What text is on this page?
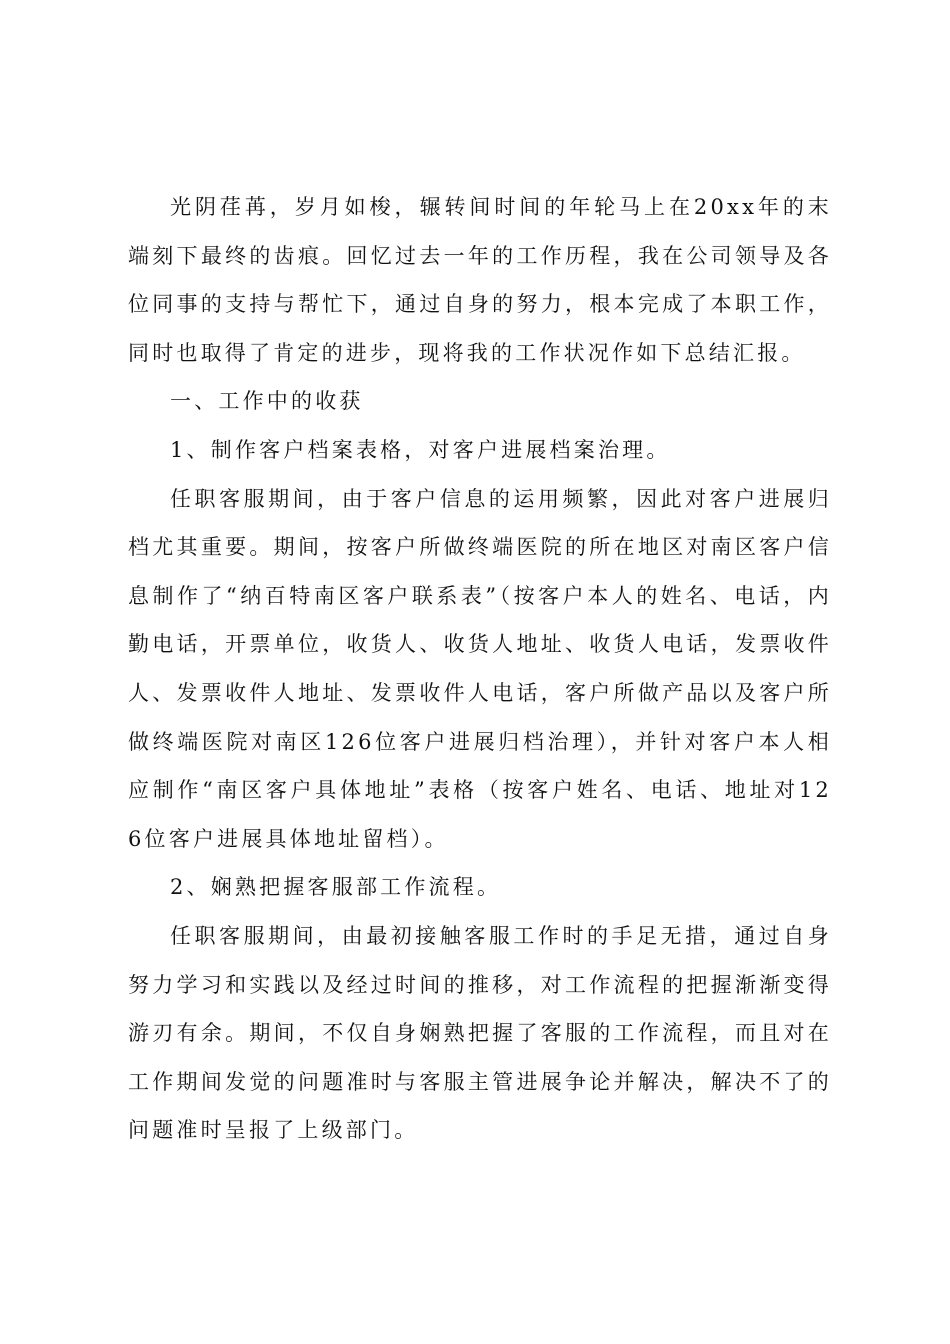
光阴荏苒，岁月如梭，辗转间时间的年轮马上在20xx年的末端刻下最终的齿痕。回忆过去一年的工作历程，我在公司领导及各位同事的支持与帮忙下，通过自身的努力，根本完成了本职工作，同时也取得了肯定的进步，现将我的工作状况作如下总结汇报。

一、工作中的收获

1、制作客户档案表格，对客户进展档案治理。

任职客服期间，由于客户信息的运用频繁，因此对客户进展归档尤其重要。期间，按客户所做终端医院的所在地区对南区客户信息制作了“纳百特南区客户联系表”（按客户本人的姓名、电话，内勤电话，开票单位，收货人、收货人地址、收货人电话，发票收件人、发票收件人地址、发票收件人电话，客户所做产品以及客户所做终端医院对南区126位客户进展归档治理），并针对客户本人相应制作“南区客户具体地址”表格（按客户姓名、电话、地址对126位客户进展具体地址留档）。

2、娴熟把握客服部工作流程。

任职客服期间，由最初接触客服工作时的手足无措，通过自身努力学习和实践以及经过时间的推移，对工作流程的把握渐渐变得游刃有余。期间，不仅自身娴熟把握了客服的工作流程，而且对在工作期间发觉的问题准时与客服主管进展争论并解决，解决不了的问题准时呈报了上级部门。
